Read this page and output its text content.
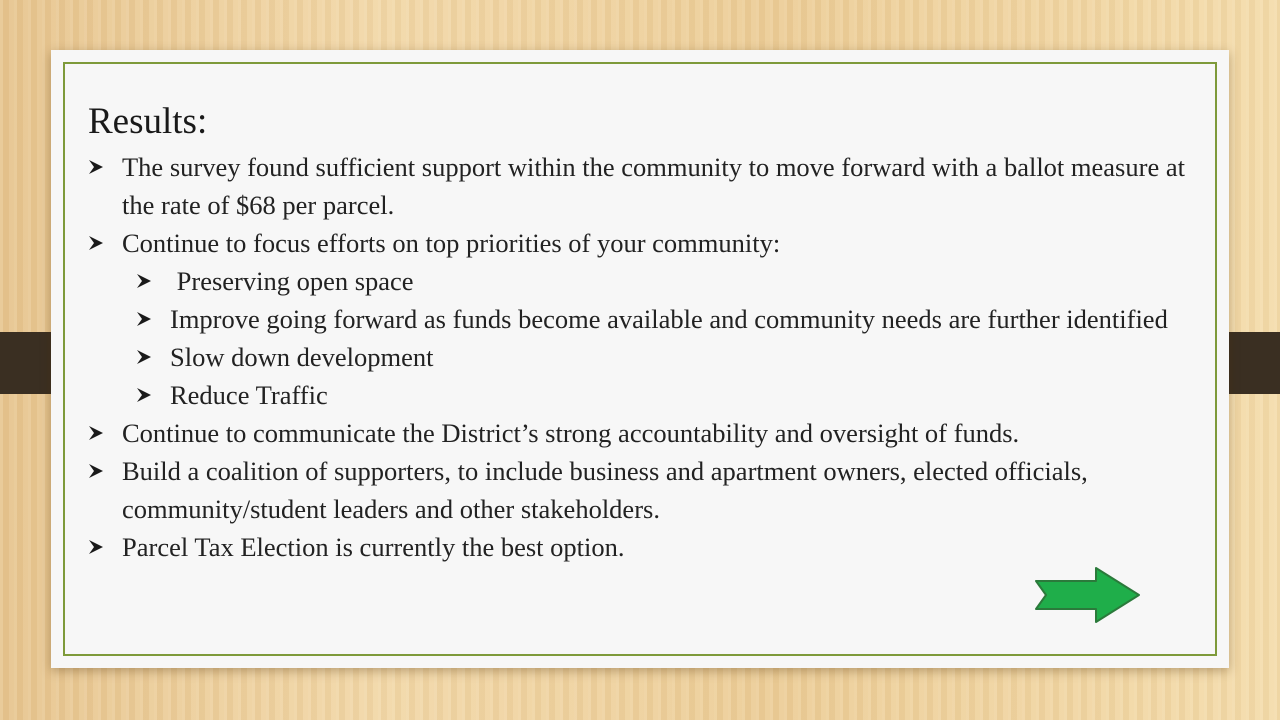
Results:
The survey found sufficient support within the community to move forward with a ballot measure at the rate of $68 per parcel.
Continue to focus efforts on top priorities of your community:
Preserving open space
Improve going forward as funds become available and community needs are further identified
Slow down development
Reduce Traffic
Continue to communicate the District’s strong accountability and oversight of funds.
Build a coalition of supporters, to include business and apartment owners, elected officials, community/student leaders and other stakeholders.
Parcel Tax Election is currently the best option.
